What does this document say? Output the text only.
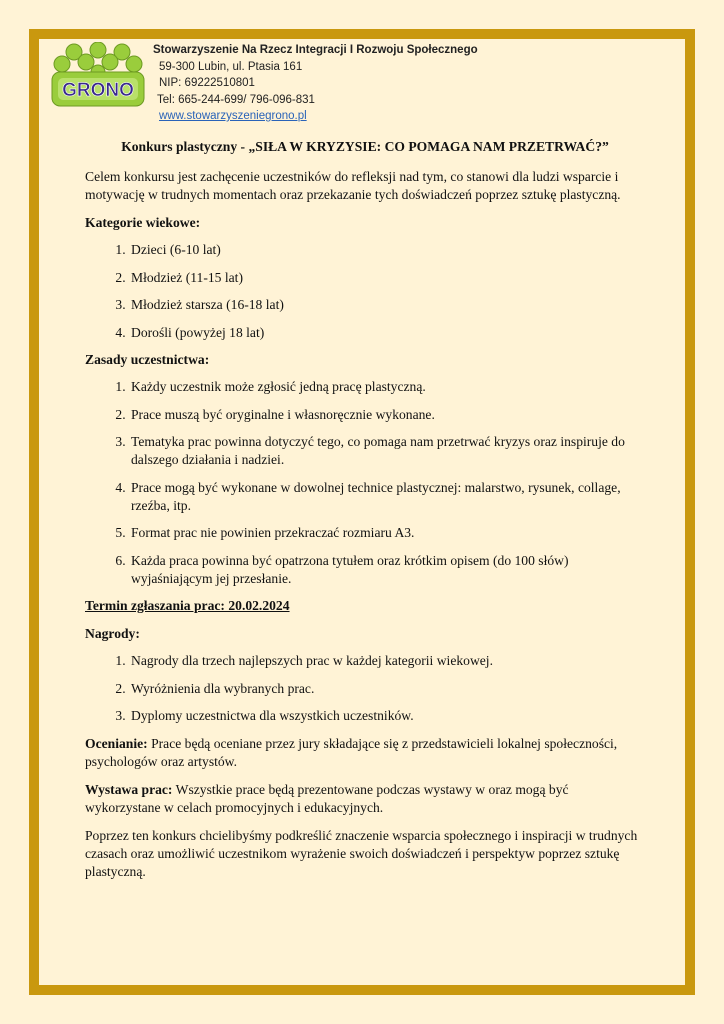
GRONO
Stowarzyszenie Na Rzecz Integracji I Rozwoju Społecznego
59-300 Lubin, ul. Ptasia 161
NIP: 69222510801
Tel: 665-244-699/ 796-096-831
www.stowarzyszeniegrono.pl
Konkurs plastyczny - „SIŁA W KRYZYSIE: CO POMAGA NAM PRZETRWAĆ?”

Celem konkursu jest zachęcenie uczestników do refleksji nad tym, co stanowi dla ludzi wsparcie i motywację w trudnych momentach oraz przekazanie tych doświadczeń poprzez sztukę plastyczną.

Kategorie wiekowe:
1. Dzieci (6-10 lat)
2. Młodzież (11-15 lat)
3. Młodzież starsza (16-18 lat)
4. Dorośli (powyżej 18 lat)
Zasady uczestnictwa:
1. Każdy uczestnik może zgłosić jedną pracę plastyczną.
2. Prace muszą być oryginalne i własnoręcznie wykonane.
3. Tematyka prac powinna dotyczyć tego, co pomaga nam przetrwać kryzys oraz inspiruje do dalszego działania i nadziei.
4. Prace mogą być wykonane w dowolnej technice plastycznej: malarstwo, rysunek, collage, rzeźba, itp.
5. Format prac nie powinien przekraczać rozmiaru A3.
6. Każda praca powinna być opatrzona tytułem oraz krótkim opisem (do 100 słów) wyjaśniającym jej przesłanie.

Termin zgłaszania prac: 20.02.2024

Nagrody:
1. Nagrody dla trzech najlepszych prac w każdej kategorii wiekowej.
2. Wyróżnienia dla wybranych prac.
3. Dyplomy uczestnictwa dla wszystkich uczestników.

Ocenianie: Prace będą oceniane przez jury składające się z przedstawicieli lokalnej społeczności, psychologów oraz artystów.

Wystawa prac: Wszystkie prace będą prezentowane podczas wystawy w oraz mogą być wykorzystane w celach promocyjnych i edukacyjnych.

Poprzez ten konkurs chcielibyśmy podkreślić znaczenie wsparcia społecznego i inspiracji w trudnych czasach oraz umożliwić uczestnikom wyrażenie swoich doświadczeń i perspektyw poprzez sztukę plastyczną.
